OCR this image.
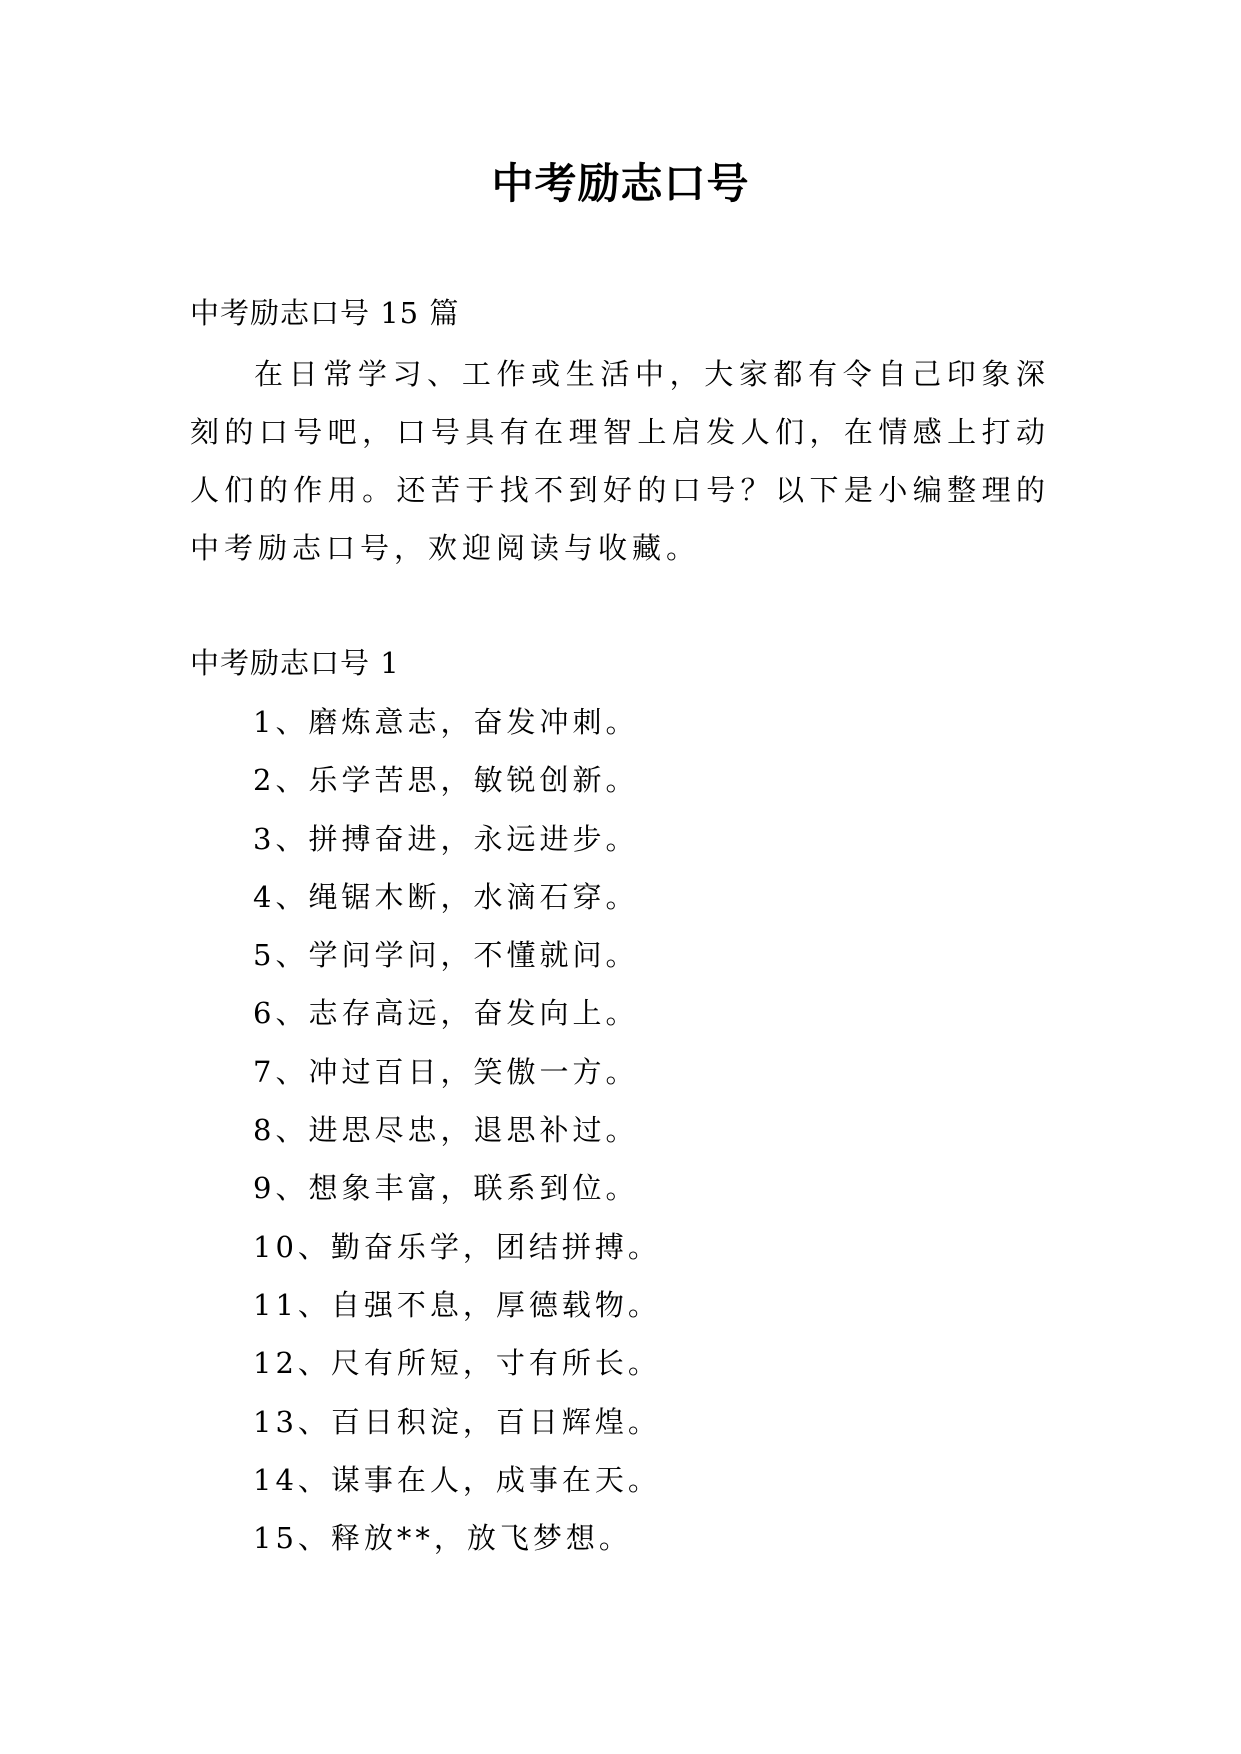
中考励志口号
中考励志口号 15 篇

在日常学习、工作或生活中，大家都有令自己印象深刻的口号吧，口号具有在理智上启发人们，在情感上打动人们的作用。还苦于找不到好的口号？以下是小编整理的中考励志口号，欢迎阅读与收藏。

中考励志口号 1
1、磨炼意志，奋发冲刺。
2、乐学苦思，敏锐创新。
3、拼搏奋进，永远进步。
4、绳锯木断，水滴石穿。
5、学问学问，不懂就问。
6、志存高远，奋发向上。
7、冲过百日，笑傲一方。
8、进思尽忠，退思补过。
9、想象丰富，联系到位。
10、勤奋乐学，团结拼搏。
11、自强不息，厚德载物。
12、尺有所短，寸有所长。
13、百日积淀，百日辉煌。
14、谋事在人，成事在天。
15、释放**，放飞梦想。
